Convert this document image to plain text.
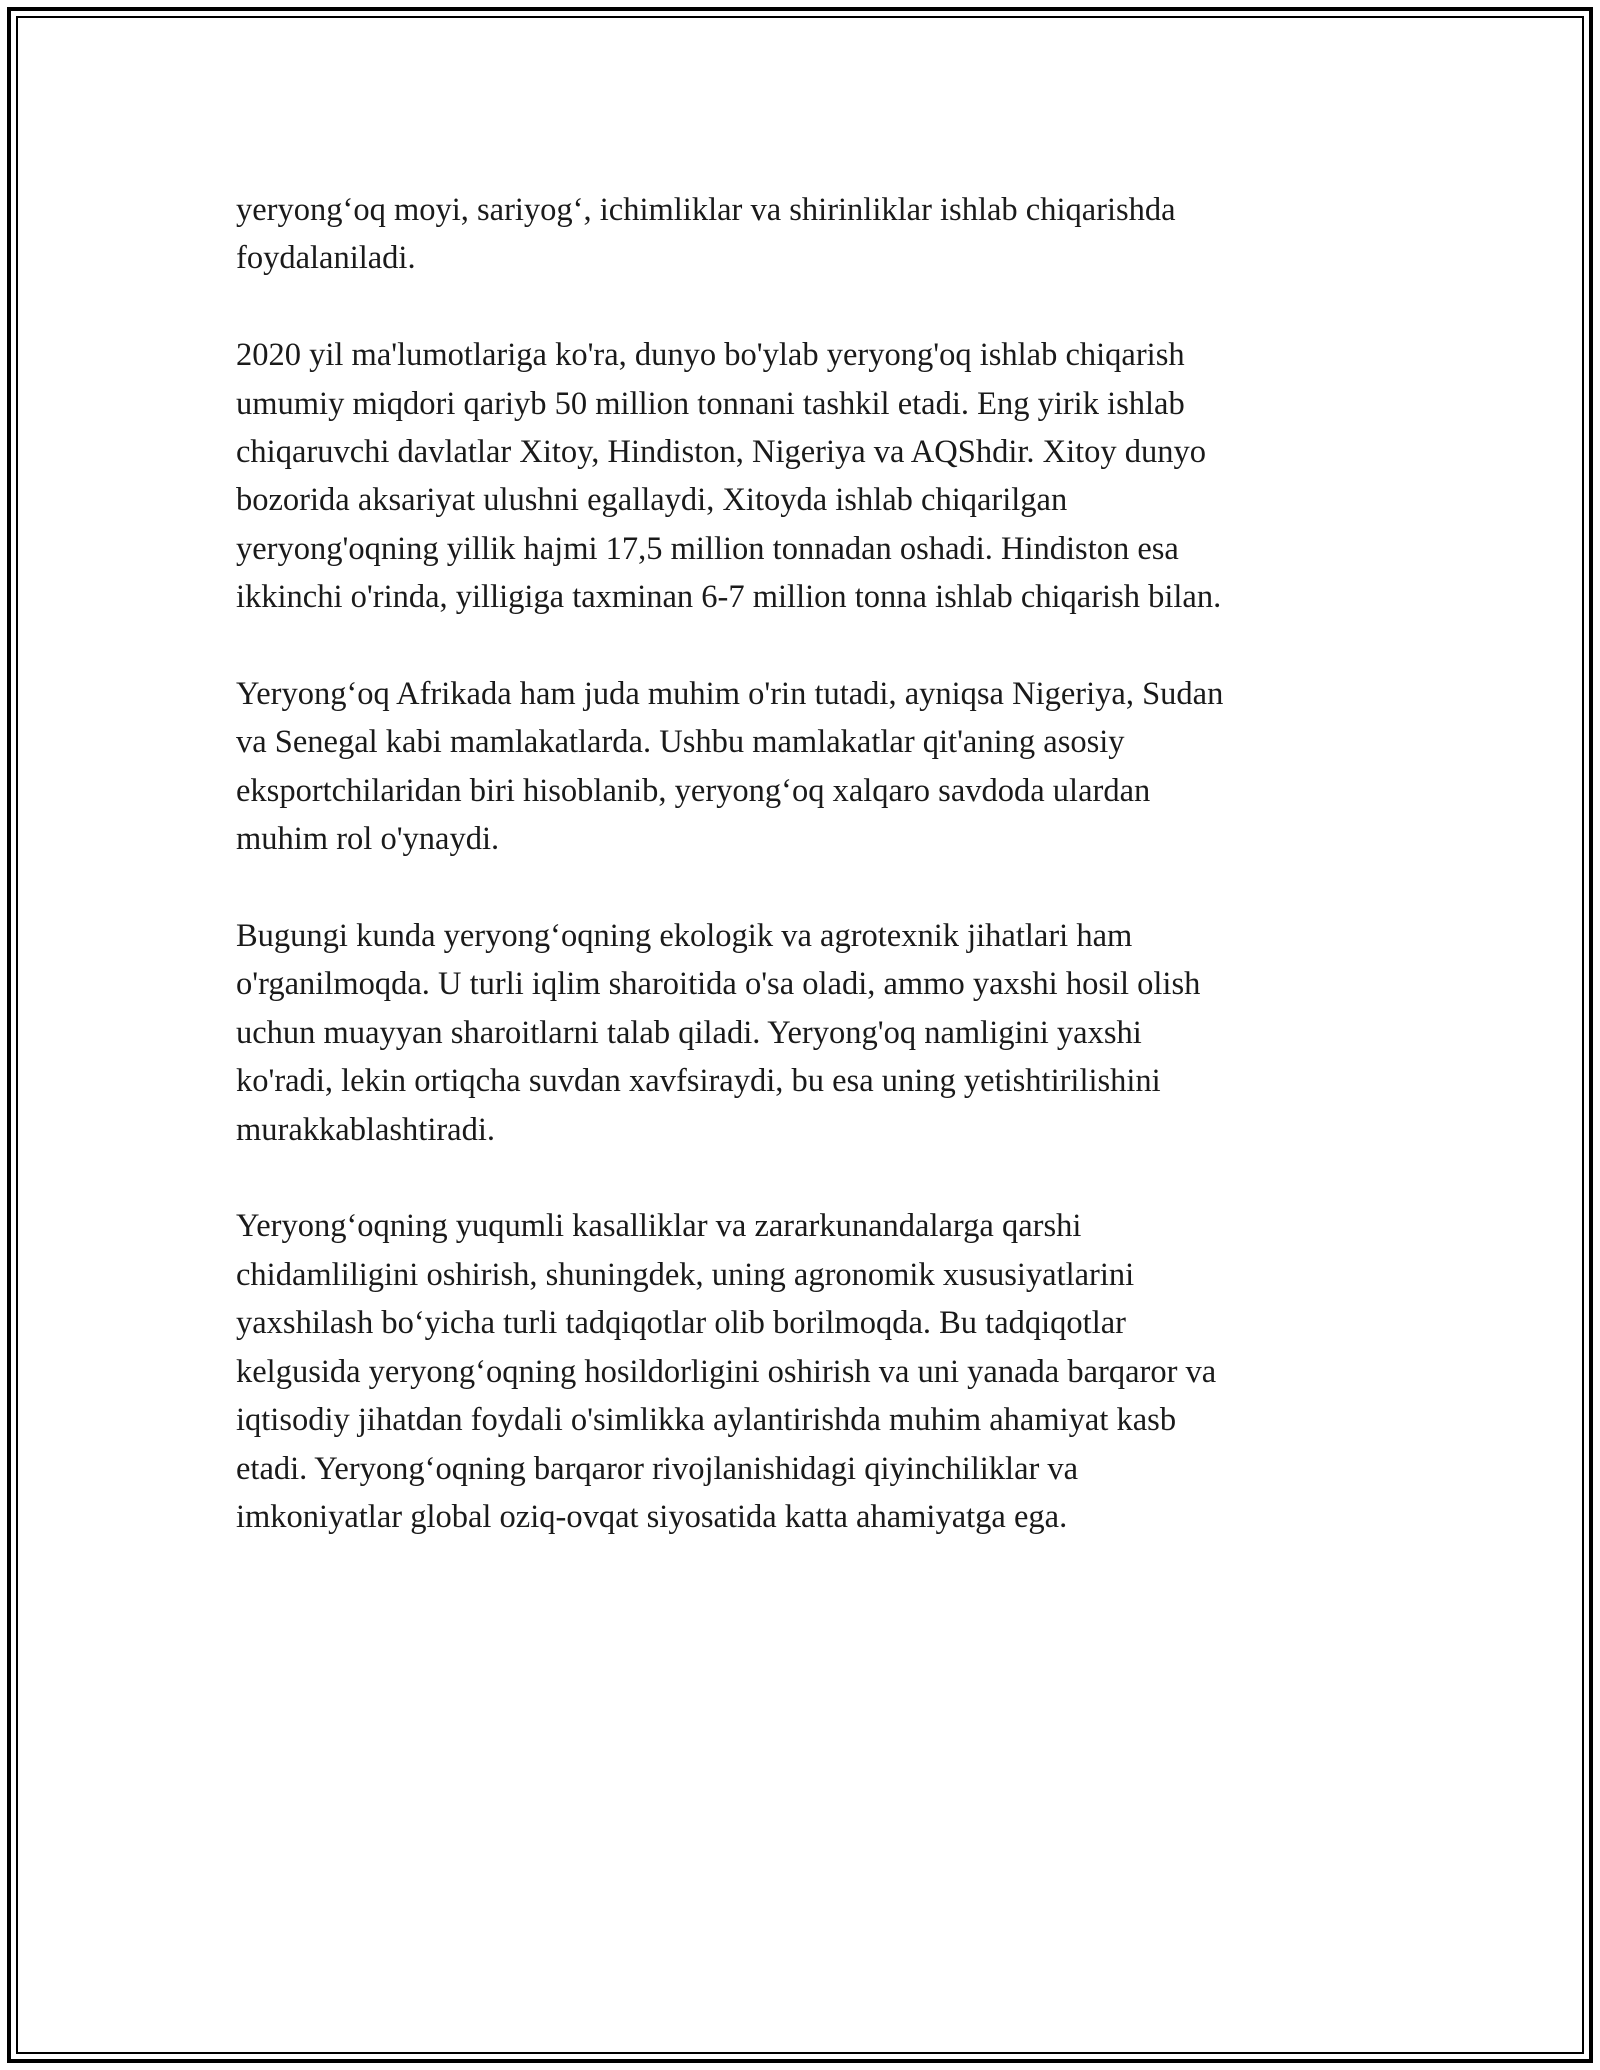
yeryong‘oq moyi, sariyog‘, ichimliklar va shirinliklar ishlab chiqarishda
foydalaniladi.
2020 yil ma'lumotlariga ko'ra, dunyo bo'ylab yeryong'oq ishlab chiqarish
umumiy miqdori qariyb 50 million tonnani tashkil etadi. Eng yirik ishlab
chiqaruvchi davlatlar Xitoy, Hindiston, Nigeriya va AQShdir. Xitoy dunyo
bozorida aksariyat ulushni egallaydi, Xitoyda ishlab chiqarilgan
yeryong'oqning yillik hajmi 17,5 million tonnadan oshadi. Hindiston esa
ikkinchi o'rinda, yilligiga taxminan 6-7 million tonna ishlab chiqarish bilan.
Yeryong‘oq Afrikada ham juda muhim o'rin tutadi, ayniqsa Nigeriya, Sudan
va Senegal kabi mamlakatlarda. Ushbu mamlakatlar qit'aning asosiy
eksportchilaridan biri hisoblanib, yeryong‘oq xalqaro savdoda ulardan
muhim rol o'ynaydi.
Bugungi kunda yeryong‘oqning ekologik va agrotexnik jihatlari ham
o'rganilmoqda. U turli iqlim sharoitida o'sa oladi, ammo yaxshi hosil olish
uchun muayyan sharoitlarni talab qiladi. Yeryong'oq namligini yaxshi
ko'radi, lekin ortiqcha suvdan xavfsiraydi, bu esa uning yetishtirilishini
murakkablashtiradi.
Yeryong‘oqning yuqumli kasalliklar va zararkunandalarga qarshi
chidamliligini oshirish, shuningdek, uning agronomik xususiyatlarini
yaxshilash bo‘yicha turli tadqiqotlar olib borilmoqda. Bu tadqiqotlar
kelgusida yeryong‘oqning hosildorligini oshirish va uni yanada barqaror va
iqtisodiy jihatdan foydali o'simlikka aylantirishda muhim ahamiyat kasb
etadi. Yeryong‘oqning barqaror rivojlanishidagi qiyinchiliklar va
imkoniyatlar global oziq-ovqat siyosatida katta ahamiyatga ega.
